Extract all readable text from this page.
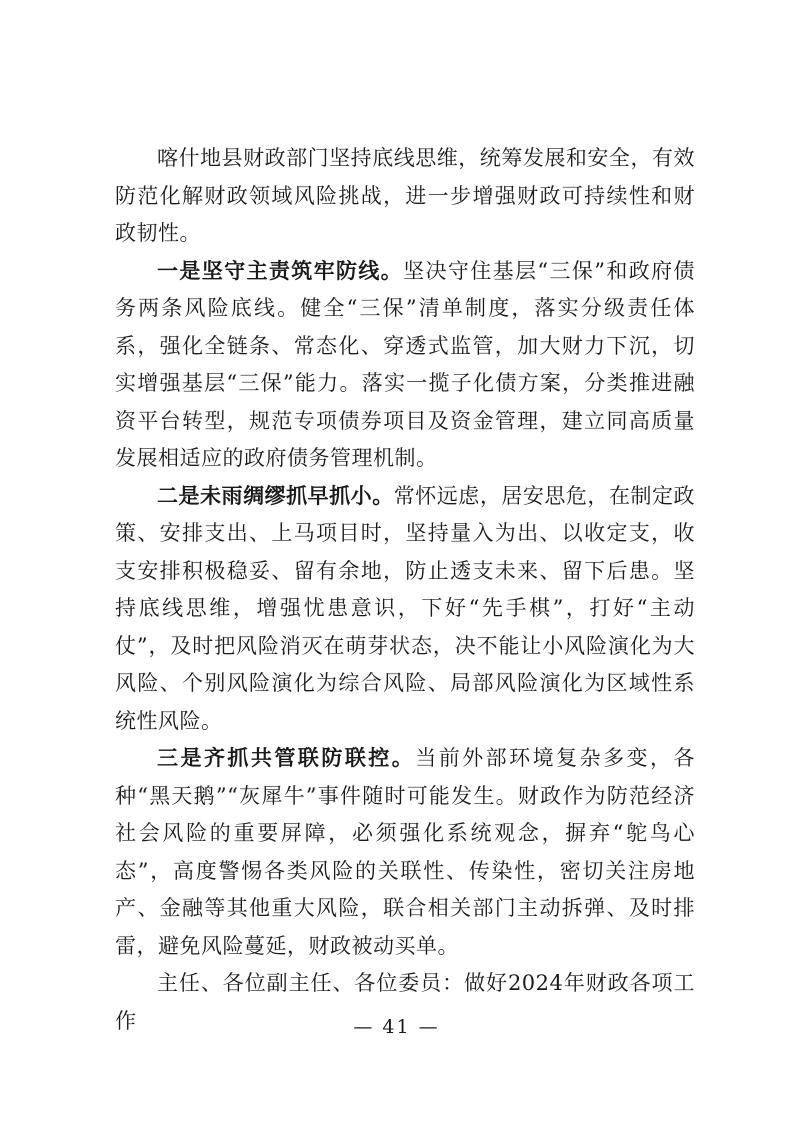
喀什地县财政部门坚持底线思维，统筹发展和安全，有效防范化解财政领域风险挑战，进一步增强财政可持续性和财政韧性。

一是坚守主责筑牢防线。坚决守住基层“三保”和政府债务两条风险底线。健全“三保”清单制度，落实分级责任体系，强化全链条、常态化、穿透式监管，加大财力下沉，切实增强基层“三保”能力。落实一揽子化债方案，分类推进融资平台转型，规范专项债券项目及资金管理，建立同高质量发展相适应的政府债务管理机制。

二是未雨绸缪抓早抓小。常怀远虑，居安思危，在制定政策、安排支出、上马项目时，坚持量入为出、以收定支，收支安排积极稳妥、留有余地，防止透支未来、留下后患。坚持底线思维，增强忧患意识，下好“先手棋”，打好“主动仗”，及时把风险消灭在萌芽状态，决不能让小风险演化为大风险、个别风险演化为综合风险、局部风险演化为区域性系统性风险。

三是齐抓共管联防联控。当前外部环境复杂多变，各种“黑天鹅”“灰犀牛”事件随时可能发生。财政作为防范经济社会风险的重要屏障，必须强化系统观念，摒弃“鸵鸟心态”，高度警惕各类风险的关联性、传染性，密切关注房地产、金融等其他重大风险，联合相关部门主动拆弹、及时排雷，避免风险蔓延，财政被动买单。

主任、各位副主任、各位委员：做好2024年财政各项工作	— 41 —
